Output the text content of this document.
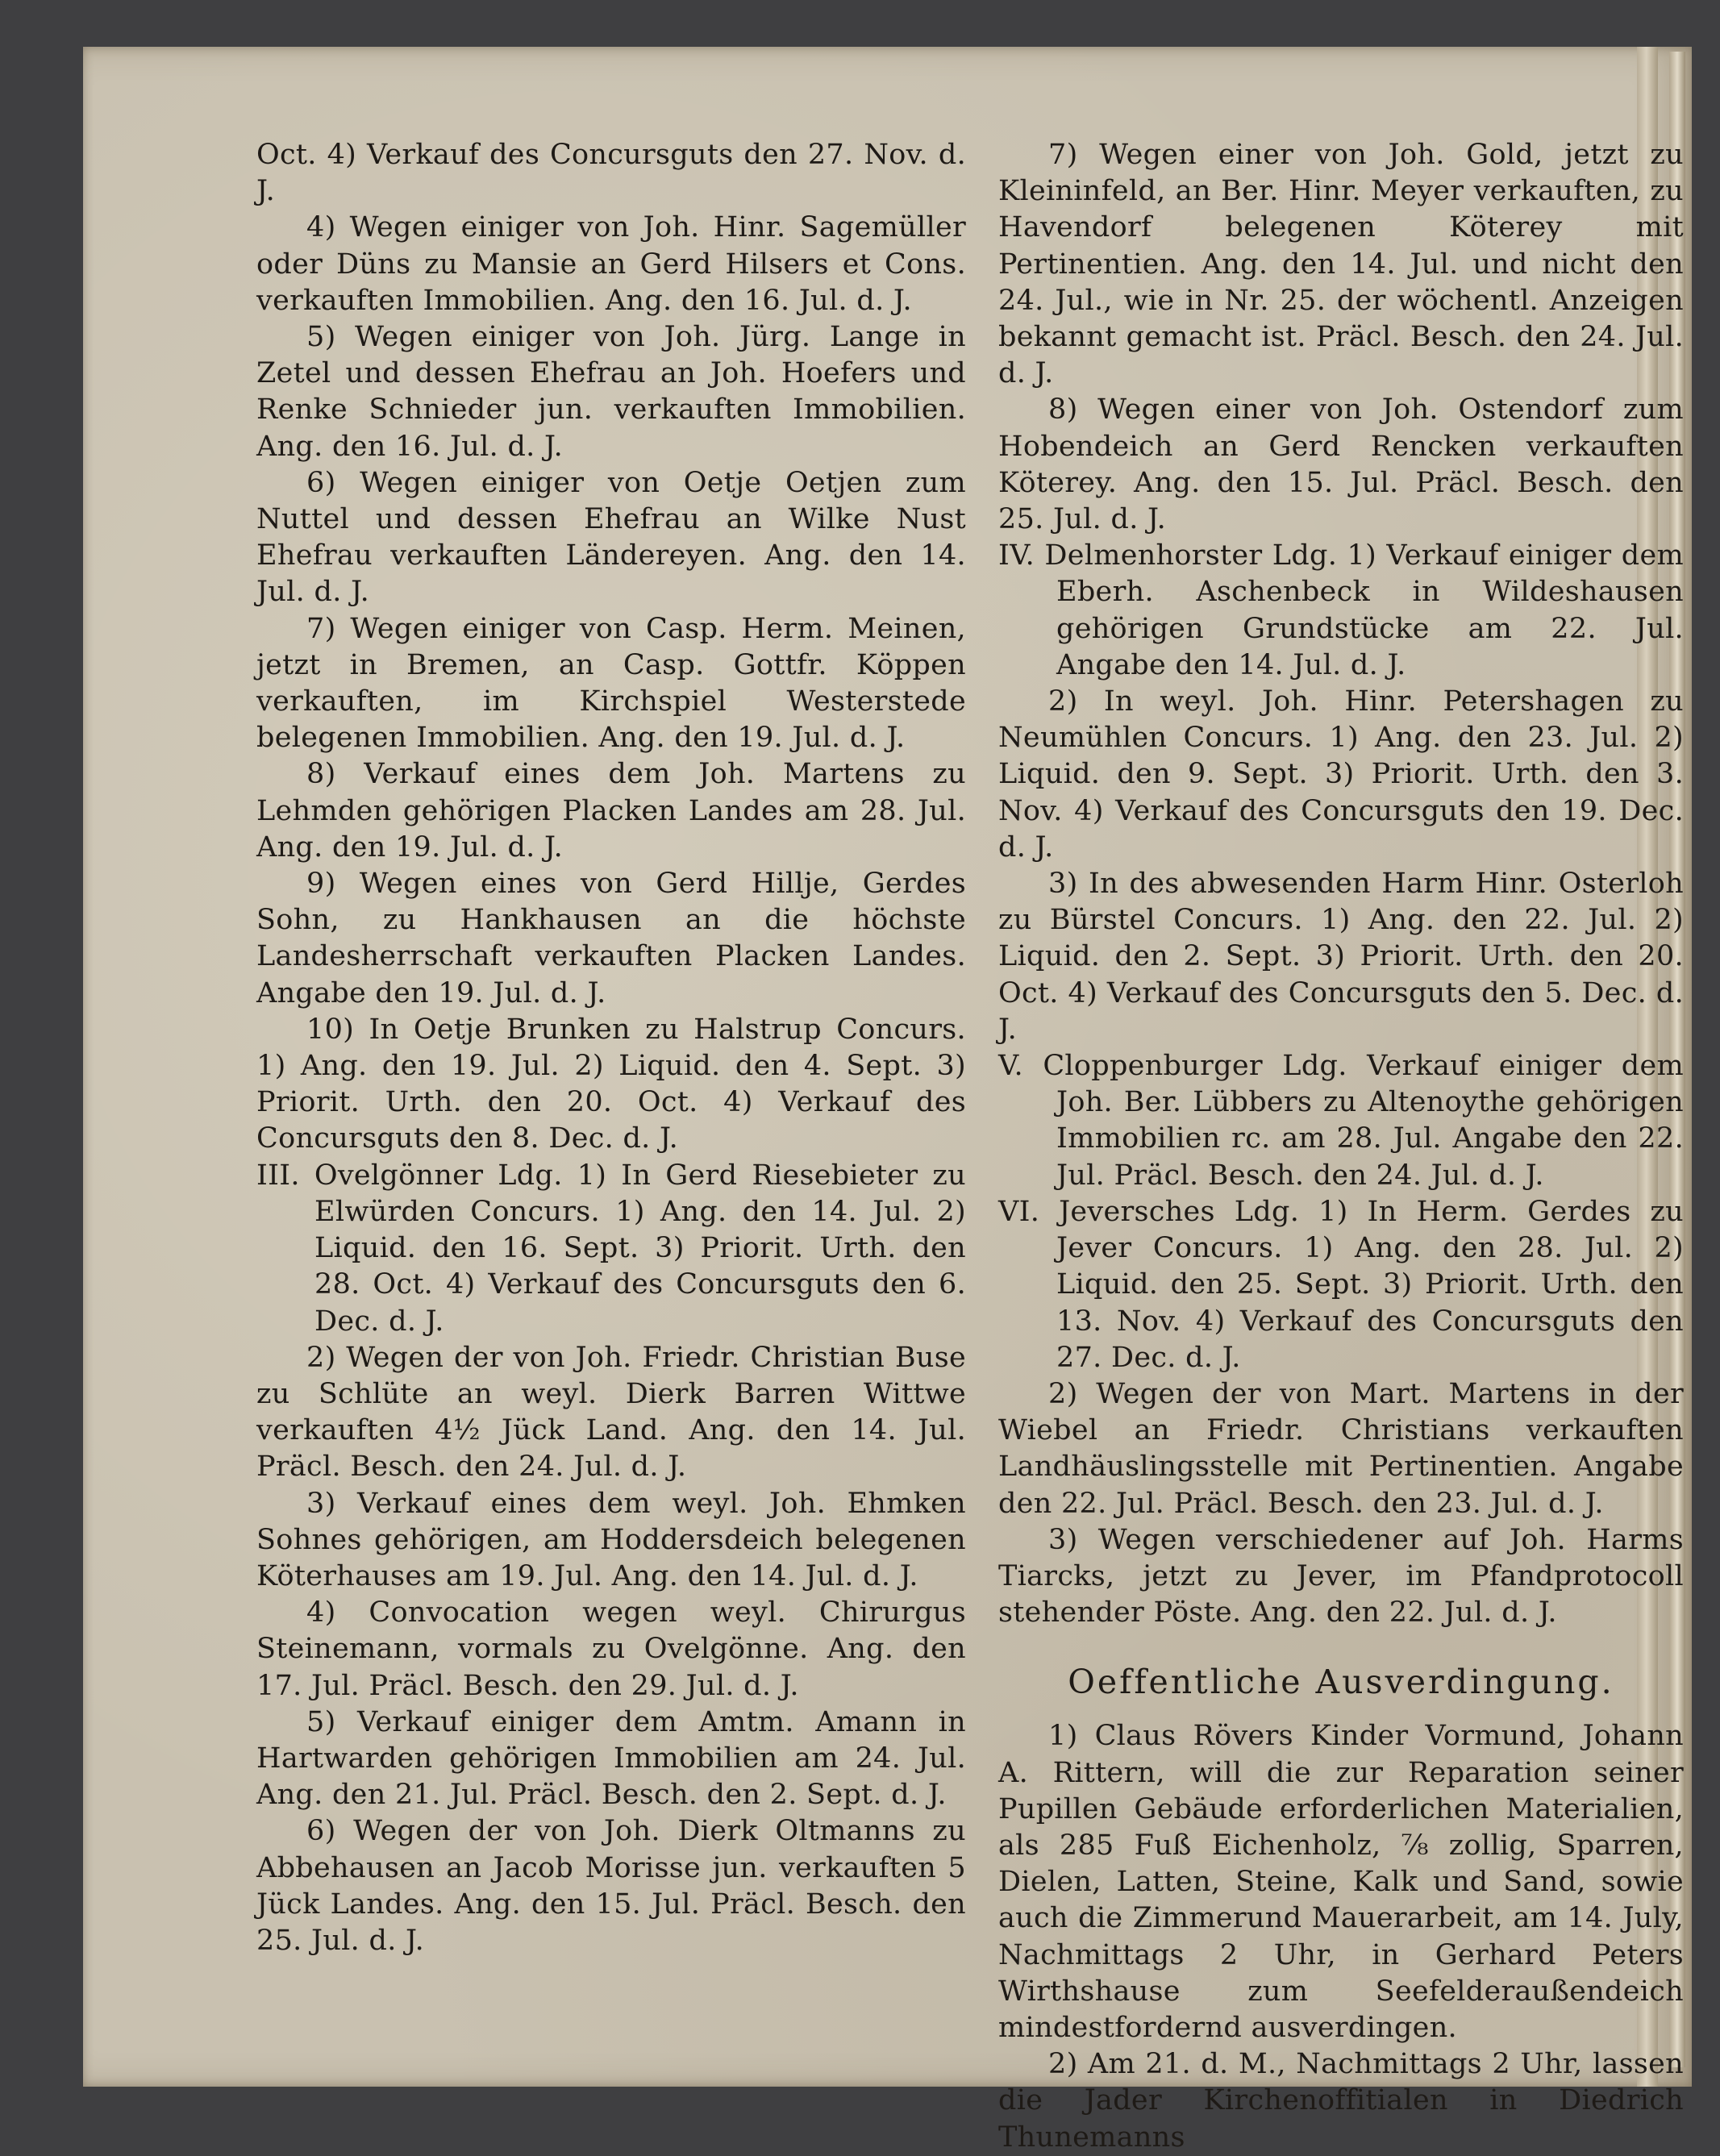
Oct. 4) Verkauf des Concursguts den 27. Nov. d. J.

4) Wegen einiger von Joh. Hinr. Sagemüller oder Düns zu Mansie an Gerd Hilsers et Cons. verkauften Immobilien. Ang. den 16. Jul. d. J.

5) Wegen einiger von Joh. Jürg. Lange in Zetel und dessen Ehefrau an Joh. Hoefers und Renke Schnieder jun. verkauften Immobilien. Ang. den 16. Jul. d. J.

6) Wegen einiger von Oetje Oetjen zum Nuttel und dessen Ehefrau an Wilke Nust Ehefrau verkauften Ländereyen. Ang. den 14. Jul. d. J.

7) Wegen einiger von Casp. Herm. Meinen, jetzt in Bremen, an Casp. Gottfr. Köppen verkauften, im Kirchspiel Westerstede belegenen Immobilien. Ang. den 19. Jul. d. J.

8) Verkauf eines dem Joh. Martens zu Lehmden gehörigen Placken Landes am 28. Jul. Ang. den 19. Jul. d. J.

9) Wegen eines von Gerd Hillje, Gerdes Sohn, zu Hankhausen an die höchste Landesherrschaft verkauften Placken Landes. Angabe den 19. Jul. d. J.

10) In Oetje Brunken zu Halstrup Concurs. 1) Ang. den 19. Jul. 2) Liquid. den 4. Sept. 3) Priorit. Urth. den 20. Oct. 4) Verkauf des Concursguts den 8. Dec. d. J.

III. Ovelgönner Ldg. 1) In Gerd Riesebieter zu Elwürden Concurs. 1) Ang. den 14. Jul. 2) Liquid. den 16. Sept. 3) Priorit. Urth. den 28. Oct. 4) Verkauf des Concursguts den 6. Dec. d. J.

2) Wegen der von Joh. Friedr. Christian Buse zu Schlüte an weyl. Dierk Barren Wittwe verkauften 4½ Jück Land. Ang. den 14. Jul. Präcl. Besch. den 24. Jul. d. J.

3) Verkauf eines dem weyl. Joh. Ehmken Sohnes gehörigen, am Hoddersdeich belegenen Köterhauses am 19. Jul. Ang. den 14. Jul. d. J.

4) Convocation wegen weyl. Chirurgus Steinemann, vormals zu Ovelgönne. Ang. den 17. Jul. Präcl. Besch. den 29. Jul. d. J.

5) Verkauf einiger dem Amtm. Amann in Hartwarden gehörigen Immobilien am 24. Jul. Ang. den 21. Jul. Präcl. Besch. den 2. Sept. d. J.

6) Wegen der von Joh. Dierk Oltmanns zu Abbehausen an Jacob Morisse jun. verkauften 5 Jück Landes. Ang. den 15. Jul. Präcl. Besch. den 25. Jul. d. J.

7) Wegen einer von Joh. Gold, jetzt zu Kleininfeld, an Ber. Hinr. Meyer verkauften, zu Havendorf belegenen Köterey mit Pertinentien. Ang. den 14. Jul. und nicht den 24. Jul., wie in Nr. 25. der wöchentl. Anzeigen bekannt gemacht ist. Präcl. Besch. den 24. Jul. d. J.

8) Wegen einer von Joh. Ostendorf zum Hobendeich an Gerd Rencken verkauften Köterey. Ang. den 15. Jul. Präcl. Besch. den 25. Jul. d. J.

IV. Delmenhorster Ldg. 1) Verkauf einiger dem Eberh. Aschenbeck in Wildeshausen gehörigen Grundstücke am 22. Jul. Angabe den 14. Jul. d. J.

2) In weyl. Joh. Hinr. Petershagen zu Neumühlen Concurs. 1) Ang. den 23. Jul. 2) Liquid. den 9. Sept. 3) Priorit. Urth. den 3. Nov. 4) Verkauf des Concursguts den 19. Dec. d. J.

3) In des abwesenden Harm Hinr. Osterloh zu Bürstel Concurs. 1) Ang. den 22. Jul. 2) Liquid. den 2. Sept. 3) Priorit. Urth. den 20. Oct. 4) Verkauf des Concursguts den 5. Dec. d. J.

V. Cloppenburger Ldg. Verkauf einiger dem Joh. Ber. Lübbers zu Altenoythe gehörigen Immobilien rc. am 28. Jul. Angabe den 22. Jul. Präcl. Besch. den 24. Jul. d. J.

VI. Jeversches Ldg. 1) In Herm. Gerdes zu Jever Concurs. 1) Ang. den 28. Jul. 2) Liquid. den 25. Sept. 3) Priorit. Urth. den 13. Nov. 4) Verkauf des Concursguts den 27. Dec. d. J.

2) Wegen der von Mart. Martens in der Wiebel an Friedr. Christians verkauften Landhäuslingsstelle mit Pertinentien. Angabe den 22. Jul. Präcl. Besch. den 23. Jul. d. J.

3) Wegen verschiedener auf Joh. Harms Tiarcks, jetzt zu Jever, im Pfandprotocoll stehender Pöste. Ang. den 22. Jul. d. J.

Oeffentliche Ausverdingung.

1) Claus Rövers Kinder Vormund, Johann A. Rittern, will die zur Reparation seiner Pupillen Gebäude erforderlichen Materialien, als 285 Fuß Eichenholz, ⅞ zollig, Sparren, Dielen, Latten, Steine, Kalk und Sand, sowie auch die Zimmerund Mauerarbeit, am 14. July, Nachmittags 2 Uhr, in Gerhard Peters Wirthshause zum Seefelderaußendeich mindestfordernd ausverdingen.

2) Am 21. d. M., Nachmittags 2 Uhr, lassen die Jader Kirchenoffitialen in Diedrich Thunemanns
